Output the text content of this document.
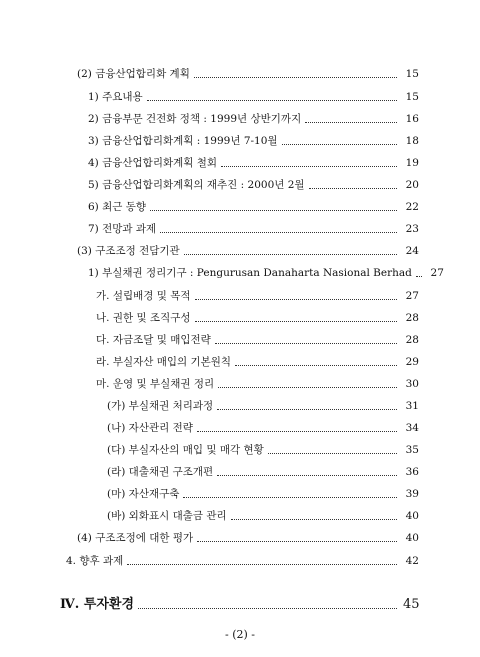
(2) 금융산업합리화 계획	15
1) 주요내용	15
2) 금융부문 건전화 정책 : 1999년 상반기까지	16
3) 금융산업합리화계획 : 1999년 7-10월	18
4) 금융산업합리화계획 철회	19
5) 금융산업합리화계획의 재추진 : 2000년 2월	20
6) 최근 동향	22
7) 전망과 과제	23
(3) 구조조정 전담기관	24
1) 부실채권 정리기구 : Pengurusan Danaharta Nasional Berhad 27
가. 설립배경 및 목적	27
나. 권한 및 조직구성	28
다. 자금조달 및 매입전략	28
라. 부실자산 매입의 기본원칙	29
마. 운영 및 부실채권 정리	30
(가) 부실채권 처리과정	31
(나) 자산관리 전략	34
(다) 부실자산의 매입 및 매각 현황	35
(라) 대출채권 구조개편	36
(마) 자산재구축	39
(바) 외화표시 대출금 관리	40
(4) 구조조정에 대한 평가	40
4. 향후 과제	42
Ⅳ. 투자환경	45
- (2) -
